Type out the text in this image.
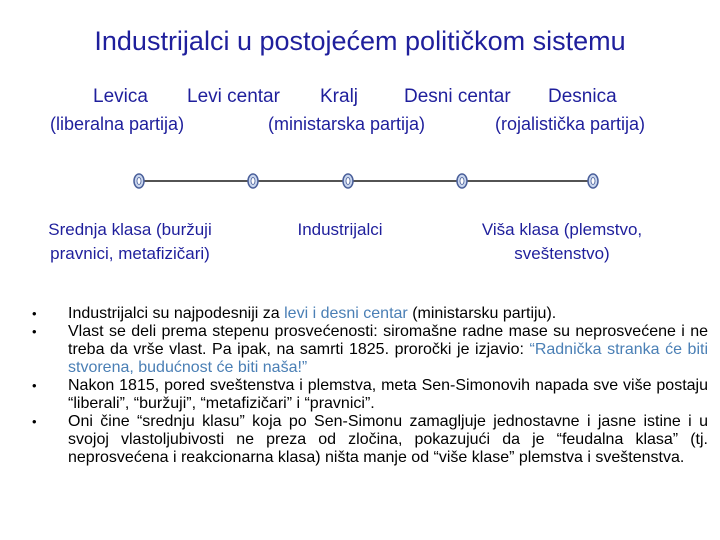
Industrijalci u postojećem političkom sistemu
Levica Levi centar Kralj Desni centar Desnica
(liberalna partija)	(ministarska partija)	(rojalistička partija)
Srednja klasa (buržuji
pravnici, metafizičari)
Industrijalci	Viša klasa (plemstvo,
sveštenstvo)
• Industrijalci su najpodesniji za levi i desni centar (ministarsku partiju).
• Vlast se deli prema stepenu prosvećenosti: siromašne radne mase su neprosvećene i ne treba da vrše vlast. Pa ipak, na samrti 1825. proročki je izjavio: “Radnička stranka će biti stvorena, budućnost će biti naša!”
• Nakon 1815, pored sveštenstva i plemstva, meta Sen-Simonovih napada sve više postaju “liberali”, “buržuji”, “metafizičari” i “pravnici”.
• Oni čine “srednju klasu” koja po Sen-Simonu zamagljuje jednostavne i jasne istine i u svojoj vlastoljubivosti ne preza od zločina, pokazujući da je “feudalna klasa” (tj. neprosvećena i reakcionarna klasa) ništa manje od “više klase” plemstva i sveštenstva.
